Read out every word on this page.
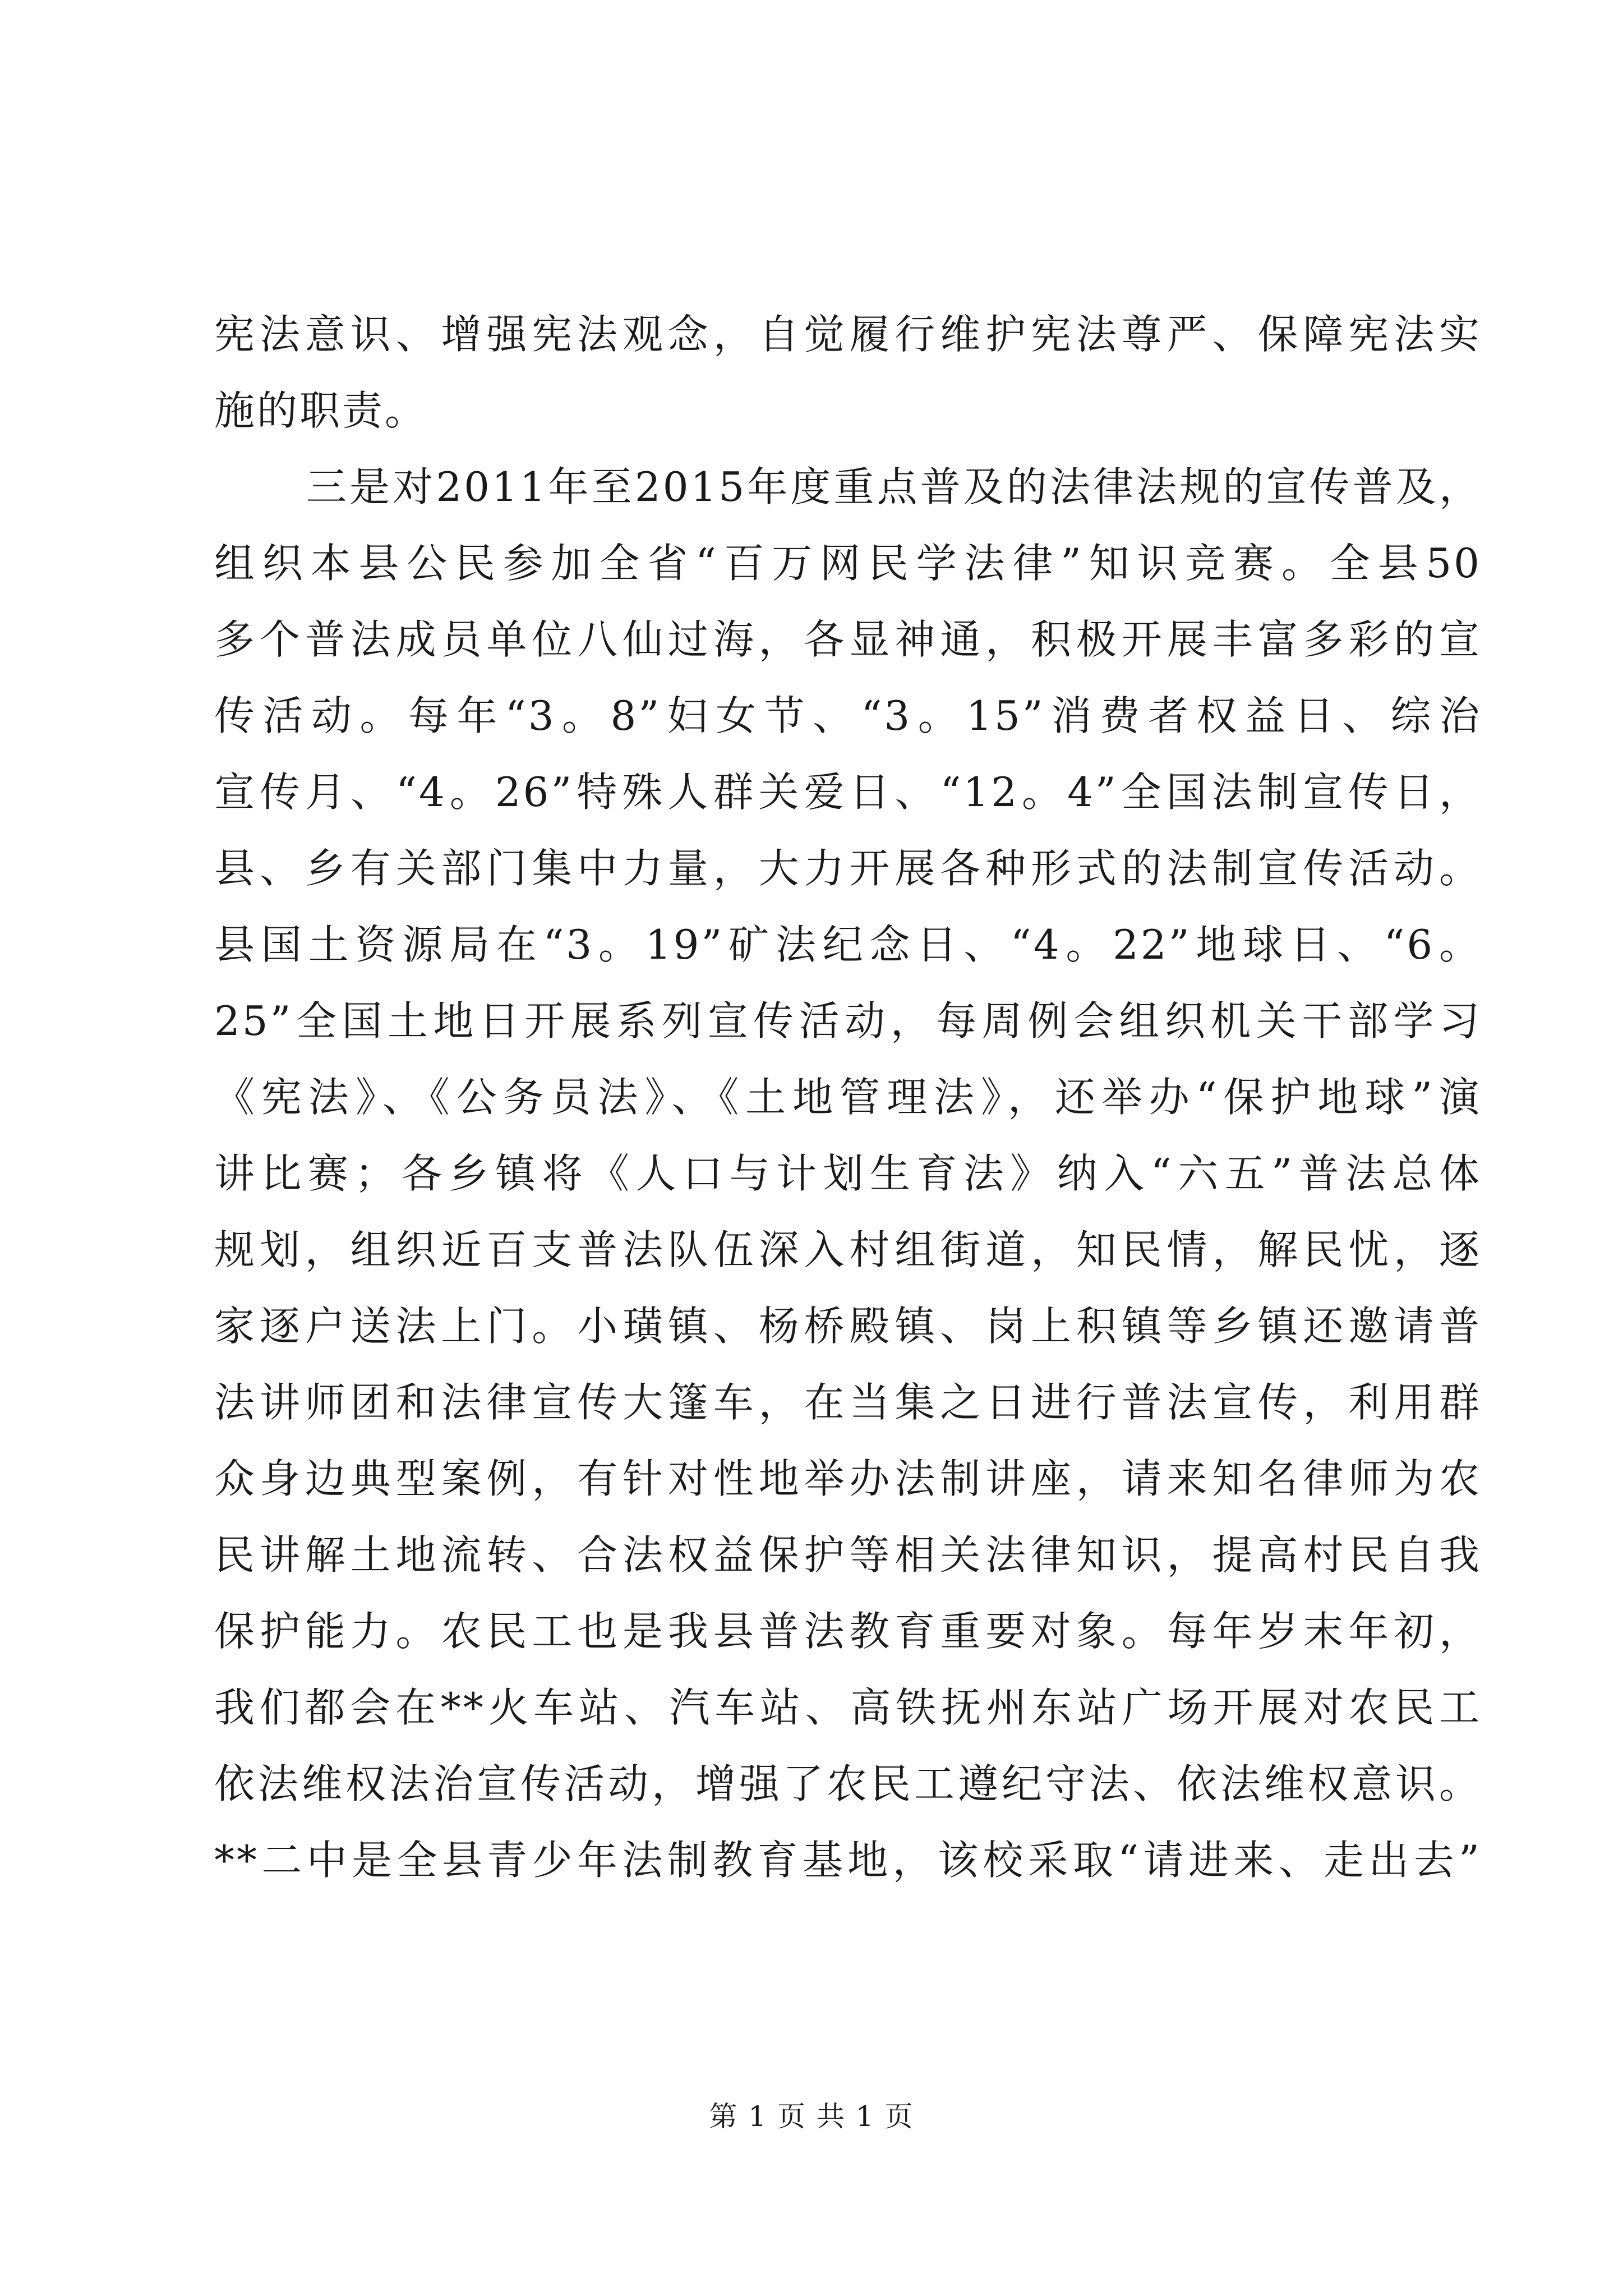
宪法意识、增强宪法观念，自觉履行维护宪法尊严、保障宪法实
施的职责。
三是对2011年至2015年度重点普及的法律法规的宣传普及，
组织本县公民参加全省“百万网民学法律”知识竞赛。全县50
多个普法成员单位八仙过海，各显神通，积极开展丰富多彩的宣
传活动。每年“3。8”妇女节、“3。15”消费者权益日、综治
宣传月、“4。26”特殊人群关爱日、“12。4”全国法制宣传日，
县、乡有关部门集中力量，大力开展各种形式的法制宣传活动。
县国土资源局在“3。19”矿法纪念日、“4。22”地球日、“6。
25”全国土地日开展系列宣传活动，每周例会组织机关干部学习
《宪法》、《公务员法》、《土地管理法》，还举办“保护地球”演
讲比赛；各乡镇将《人口与计划生育法》纳入“六五”普法总体
规划，组织近百支普法队伍深入村组街道，知民情，解民忧，逐
家逐户送法上门。小璜镇、杨桥殿镇、岗上积镇等乡镇还邀请普
法讲师团和法律宣传大篷车，在当集之日进行普法宣传，利用群
众身边典型案例，有针对性地举办法制讲座，请来知名律师为农
民讲解土地流转、合法权益保护等相关法律知识，提高村民自我
保护能力。农民工也是我县普法教育重要对象。每年岁末年初，
我们都会在**火车站、汽车站、高铁抚州东站广场开展对农民工
依法维权法治宣传活动，增强了农民工遵纪守法、依法维权意识。
**二中是全县青少年法制教育基地，该校采取“请进来、走出去”
第 1 页 共 1 页
